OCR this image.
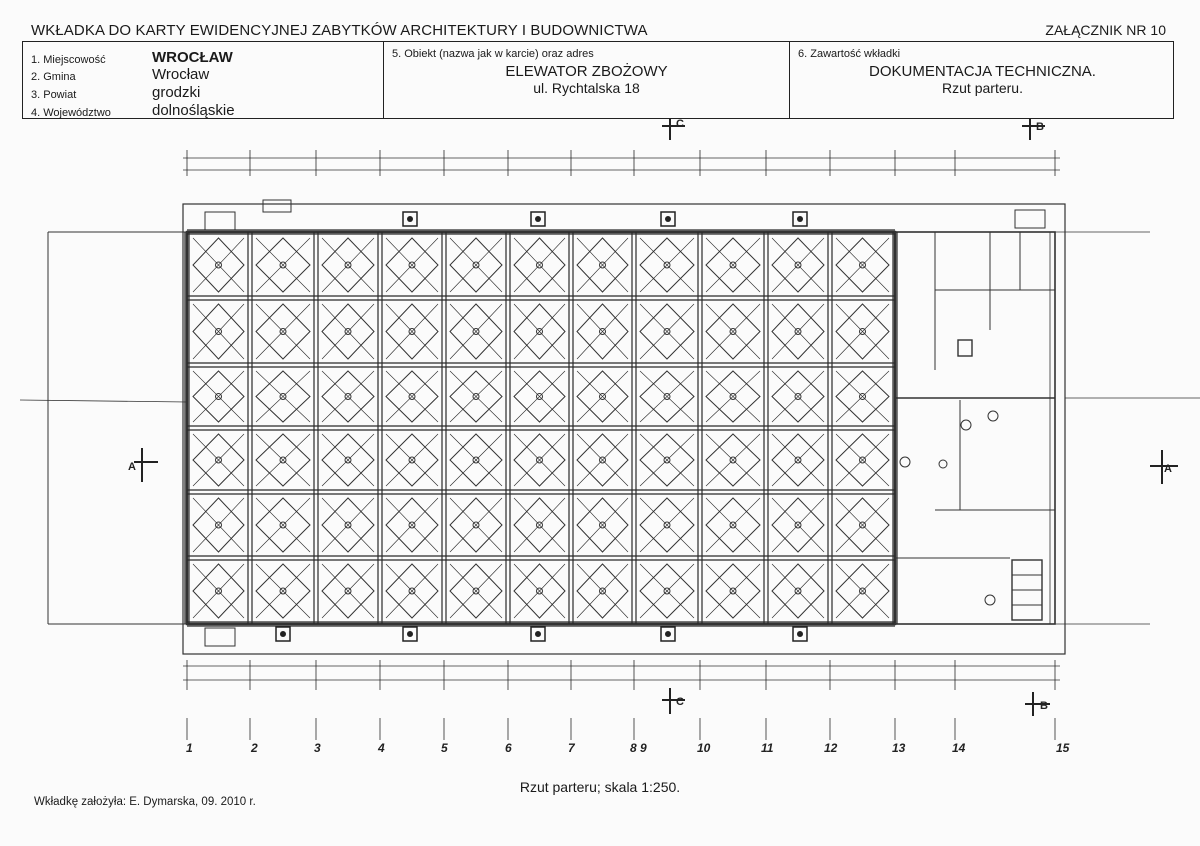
WKŁADKA DO KARTY EWIDENCYJNEJ ZABYTKÓW ARCHITEKTURY I BUDOWNICTWA	ZAŁĄCZNIK NR 10
1. Miejscowość	WROCŁAW
2. Gmina	Wrocław
3. Powiat	grodzki
4. Województwo	dolnośląskie
5. Obiekt (nazwa jak w karcie) oraz adres
ELEWATOR ZBOŻOWY
ul. Rychtalska 18
6. Zawartość wkładki
DOKUMENTACJA TECHNICZNA.
Rzut parteru.
C	B
C	B
A	A
1	2	3	4	5	6	7	8 9	10	11	12	13	14	15
Rzut parteru; skala 1:250.
Wkładkę założyła: E. Dymarska, 09. 2010 r.
